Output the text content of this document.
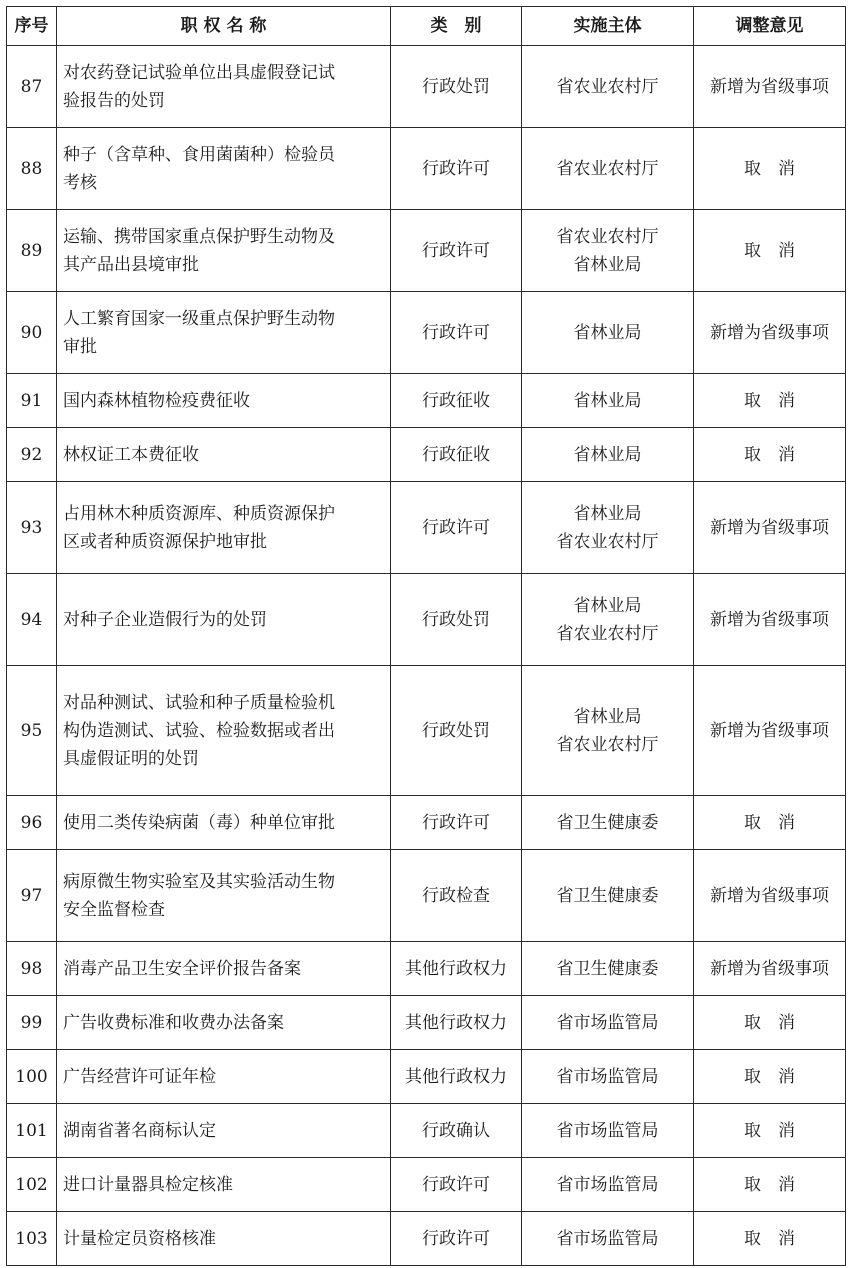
序号	职 权 名 称	类　别	实施主体	调整意见
87	对农药登记试验单位出具虚假登记试
验报告的处罚	行政处罚	省农业农村厅	新增为省级事项
88	种子（含草种、食用菌菌种）检验员
考核	行政许可	省农业农村厅	取　消
89	运输、携带国家重点保护野生动物及
其产品出县境审批	行政许可	省农业农村厅
省林业局	取　消
90	人工繁育国家一级重点保护野生动物
审批	行政许可	省林业局	新增为省级事项
91	国内森林植物检疫费征收	行政征收	省林业局	取　消
92	林权证工本费征收	行政征收	省林业局	取　消
93	占用林木种质资源库、种质资源保护
区或者种质资源保护地审批	行政许可	省林业局
省农业农村厅	新增为省级事项
94	对种子企业造假行为的处罚	行政处罚	省林业局
省农业农村厅	新增为省级事项
95	对品种测试、试验和种子质量检验机
构伪造测试、试验、检验数据或者出
具虚假证明的处罚	行政处罚	省林业局
省农业农村厅	新增为省级事项
96	使用二类传染病菌（毒）种单位审批	行政许可	省卫生健康委	取　消
97	病原微生物实验室及其实验活动生物
安全监督检查	行政检查	省卫生健康委	新增为省级事项
98	消毒产品卫生安全评价报告备案	其他行政权力	省卫生健康委	新增为省级事项
99	广告收费标准和收费办法备案	其他行政权力	省市场监管局	取　消
100	广告经营许可证年检	其他行政权力	省市场监管局	取　消
101	湖南省著名商标认定	行政确认	省市场监管局	取　消
102	进口计量器具检定核准	行政许可	省市场监管局	取　消
103	计量检定员资格核准	行政许可	省市场监管局	取　消
